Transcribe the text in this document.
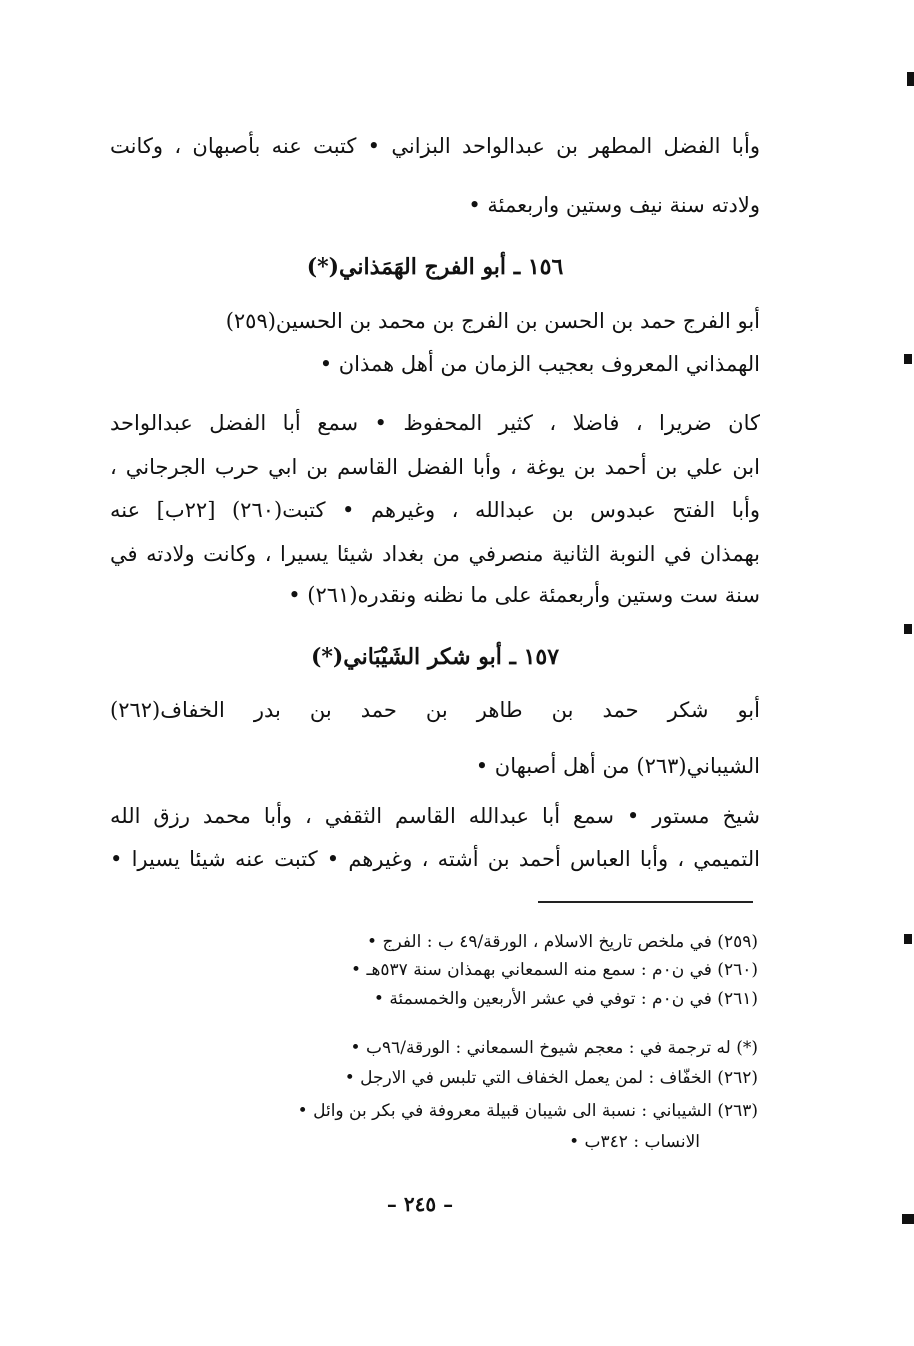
وأبا الفضل المطهر بن عبدالواحد البزاني • كتبت عنه بأصبهان ، وكانت
ولادته سنة نيف وستين واربعمئة •
١٥٦ ـ أبو الفرج الهَمَذاني(*)
أبو الفرج حمد بن الحسن بن الفرج بن محمد بن الحسين(٢٥٩)
الهمذاني المعروف بعجيب الزمان من أهل همذان •
كان ضريرا ، فاضلا ، كثير المحفوظ • سمع أبا الفضل عبدالواحد
ابن علي بن أحمد بن يوغة ، وأبا الفضل القاسم بن ابي حرب الجرجاني ،
وأبا الفتح عبدوس بن عبدالله ، وغيرهم • كتبت(٢٦٠) [٢٢ب] عنه
بهمذان في النوبة الثانية منصرفي من بغداد شيئا يسيرا ، وكانت ولادته في
سنة ست وستين وأربعمئة على ما نظنه ونقدره(٢٦١) •
١٥٧ ـ أبو شكر الشَيْبَاني(*)
أبو شكر حمد بن طاهر بن حمد بن بدر الخفاف(٢٦٢)
الشيباني(٢٦٣) من أهل أصبهان •
شيخ مستور • سمع أبا عبدالله القاسم الثقفي ، وأبا محمد رزق الله
التميمي ، وأبا العباس أحمد بن أشته ، وغيرهم • كتبت عنه شيئا يسيرا •
(٢٥٩) في ملخص تاريخ الاسلام ، الورقة/٤٩ ب : الفرج •
(٢٦٠) في ن٠م : سمع منه السمعاني بهمذان سنة ٥٣٧هـ •
(٢٦١) في ن٠م : توفي في عشر الأربعين والخمسمئة •
(*) له ترجمة في : معجم شيوخ السمعاني : الورقة/٩٦ب •
(٢٦٢) الخفّاف : لمن يعمل الخفاف التي تلبس في الارجل •
(٢٦٣) الشيباني : نسبة الى شيبان قبيلة معروفة في بكر بن وائل •
الانساب : ٣٤٢ب •
– ٢٤٥ –
